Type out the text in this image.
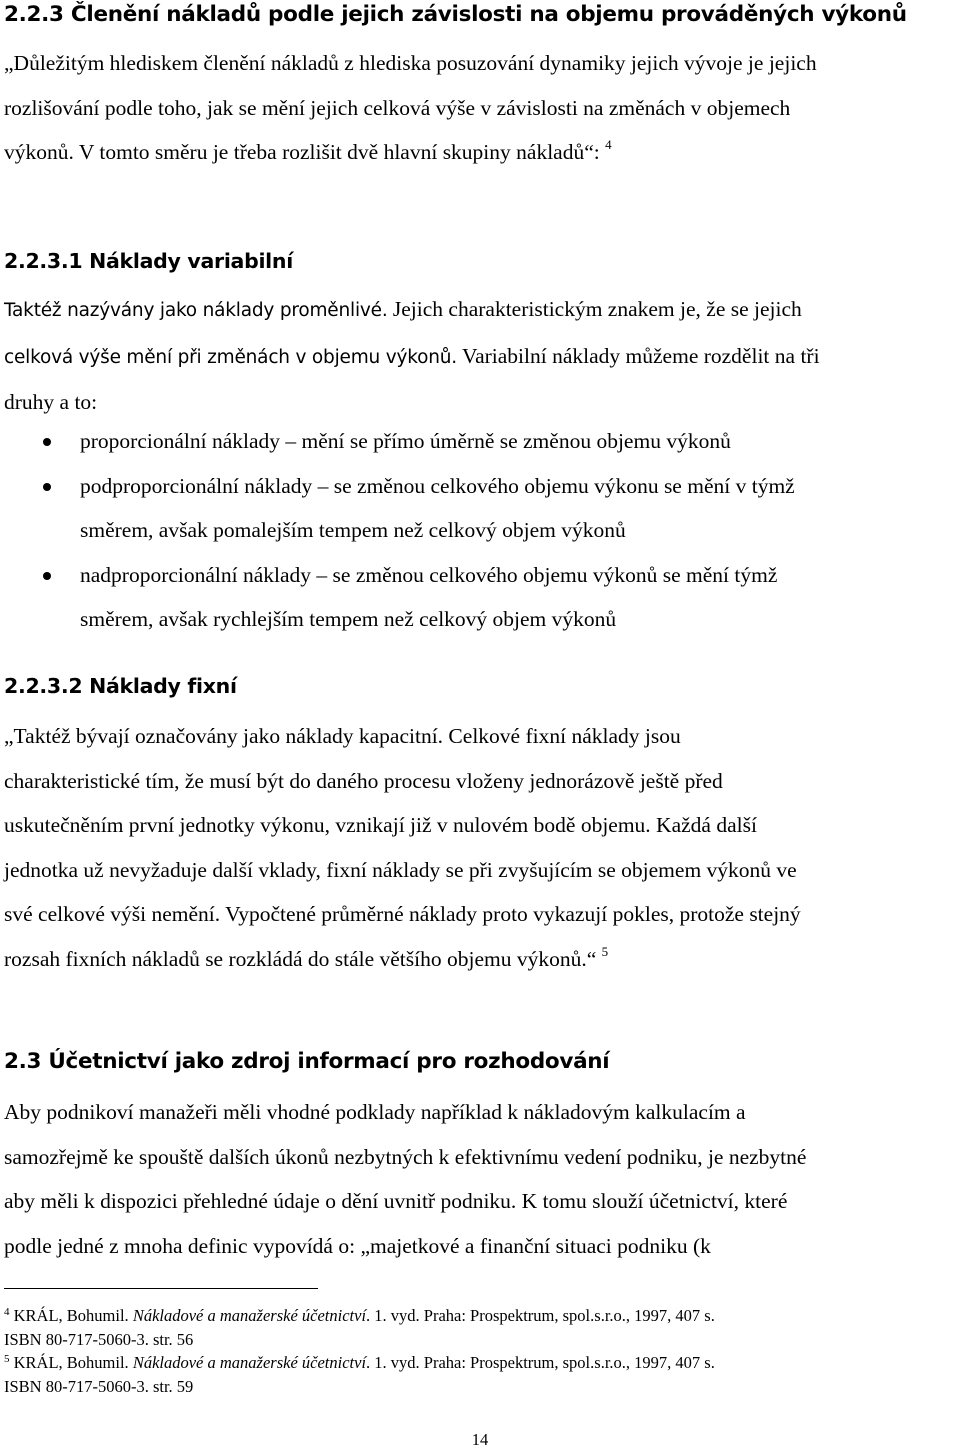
2.2.3 Členění nákladů podle jejich závislosti na objemu prováděných výkonů
„Důležitým hlediskem členění nákladů z hlediska posuzování dynamiky jejich vývoje je jejich
rozlišování podle toho, jak se mění jejich celková výše v závislosti na změnách v objemech
výkonů. V tomto směru je třeba rozlišit dvě hlavní skupiny nákladů“: $^4$
2.2.3.1 Náklady variabilní
Taktéž nazývány jako náklady proměnlivé. Jejich charakteristickým znakem je, že se jejich
celková výše mění při změnách v objemu výkonů. Variabilní náklady můžeme rozdělit na tři
druhy a to:
proporcionální náklady – mění se přímo úměrně se změnou objemu výkonů
podproporcionální náklady – se změnou celkového objemu výkonu se mění v týmž
směrem, avšak pomalejším tempem než celkový objem výkonů
nadproporcionální náklady – se změnou celkového objemu výkonů se mění týmž
směrem, avšak rychlejším tempem než celkový objem výkonů
2.2.3.2 Náklady fixní
„Taktéž bývají označovány jako náklady kapacitní. Celkové fixní náklady jsou
charakteristické tím, že musí být do daného procesu vloženy jednorázově ještě před
uskutečněním první jednotky výkonu, vznikají již v nulovém bodě objemu. Každá další
jednotka už nevyžaduje další vklady, fixní náklady se při zvyšujícím se objemem výkonů ve
své celkové výši nemění. Vypočtené průměrné náklady proto vykazují pokles, protože stejný
rozsah fixních nákladů se rozkládá do stále většího objemu výkonů.“ $^5$
2.3 Účetnictví jako zdroj informací pro rozhodování
Aby podnikoví manažeři měli vhodné podklady například k nákladovým kalkulacím a
samozřejmě ke spouště dalších úkonů nezbytných k efektivnímu vedení podniku, je nezbytné
aby měli k dispozici přehledné údaje o dění uvnitř podniku. K tomu slouží účetnictví, které
podle jedné z mnoha definic vypovídá o: „majetkové a finanční situaci podniku (k
$^4$ KRÁL, Bohumil. Nákladové a manažerské účetnictví. 1. vyd. Praha: Prospektrum, spol.s.r.o., 1997, 407 s.
ISBN 80-717-5060-3. str. 56
$^5$ KRÁL, Bohumil. Nákladové a manažerské účetnictví. 1. vyd. Praha: Prospektrum, spol.s.r.o., 1997, 407 s.
ISBN 80-717-5060-3. str. 59
14
